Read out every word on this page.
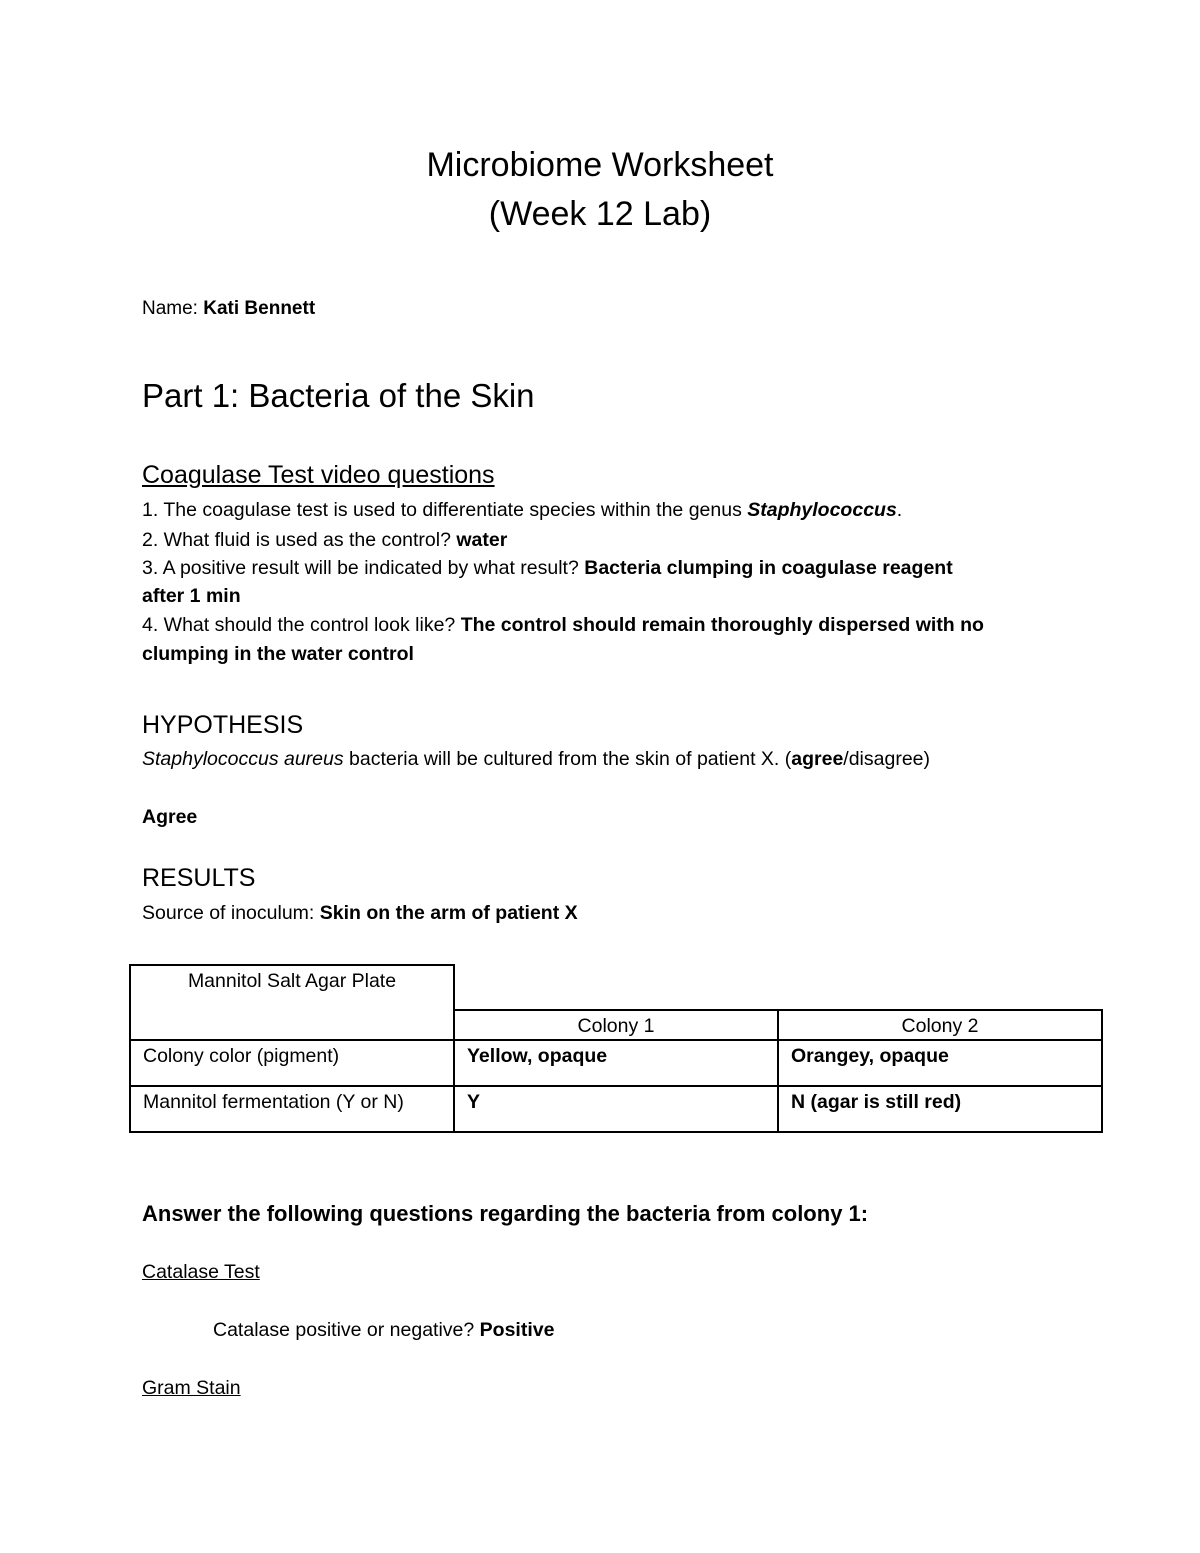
Microbiome Worksheet
(Week 12 Lab)
Name: Kati Bennett
Part 1: Bacteria of the Skin
Coagulase Test video questions
1. The coagulase test is used to differentiate species within the genus Staphylococcus.
2. What fluid is used as the control? water
3. A positive result will be indicated by what result? Bacteria clumping in coagulase reagent
after 1 min
4. What should the control look like? The control should remain thoroughly dispersed with no
clumping in the water control
HYPOTHESIS
Staphylococcus aureus bacteria will be cultured from the skin of patient X. (agree/disagree)
Agree
RESULTS
Source of inoculum: Skin on the arm of patient X
Mannitol Salt Agar Plate		
	Colony 1	Colony 2
Colony color (pigment)	Yellow, opaque	Orangey, opaque
Mannitol fermentation (Y or N)	Y	N (agar is still red)
Answer the following questions regarding the bacteria from colony 1:
Catalase Test
Catalase positive or negative? Positive
Gram Stain
